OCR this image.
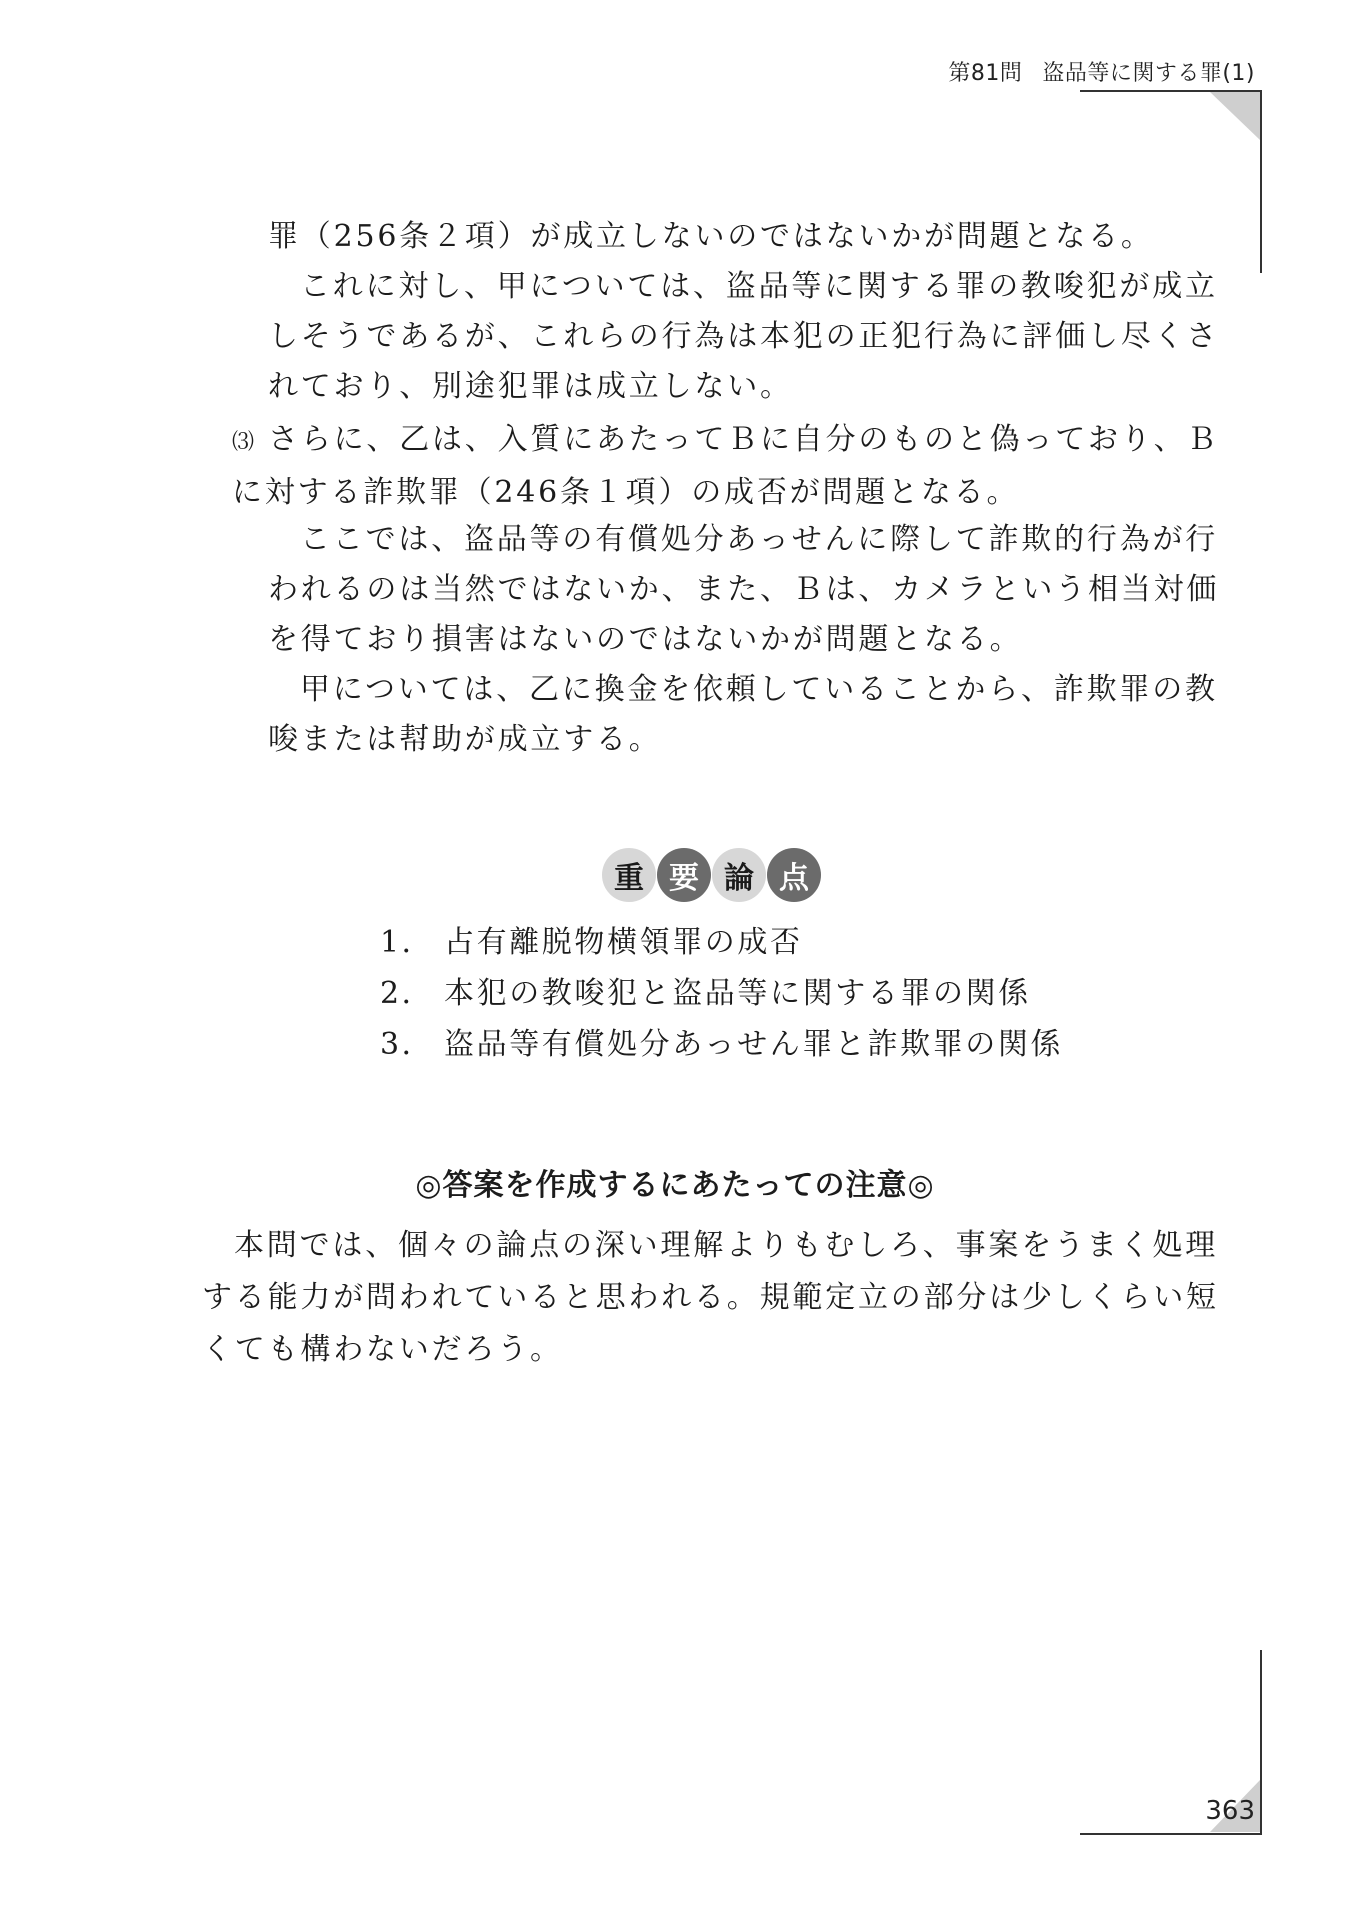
第81問 盗品等に関する罪(1)

罪（256条２項）が成立しないのではないかが問題となる。

これに対し、甲については、盗品等に関する罪の教唆犯が成立しそうであるが、これらの行為は本犯の正犯行為に評価し尽くされており、別途犯罪は成立しない。

⑶ さらに、乙は、入質にあたってＢに自分のものと偽っており、Ｂに対する詐欺罪（246条１項）の成否が問題となる。

ここでは、盗品等の有償処分あっせんに際して詐欺的行為が行われるのは当然ではないか、また、Ｂは、カメラという相当対価を得ており損害はないのではないかが問題となる。

甲については、乙に換金を依頼していることから、詐欺罪の教唆または幇助が成立する。

重 要 論 点
1． 占有離脱物横領罪の成否
2． 本犯の教唆犯と盗品等に関する罪の関係
3． 盗品等有償処分あっせん罪と詐欺罪の関係
◎答案を作成するにあたっての注意◎

本問では、個々の論点の深い理解よりもむしろ、事案をうまく処理する能力が問われていると思われる。規範定立の部分は少しくらい短くても構わないだろう。

363
